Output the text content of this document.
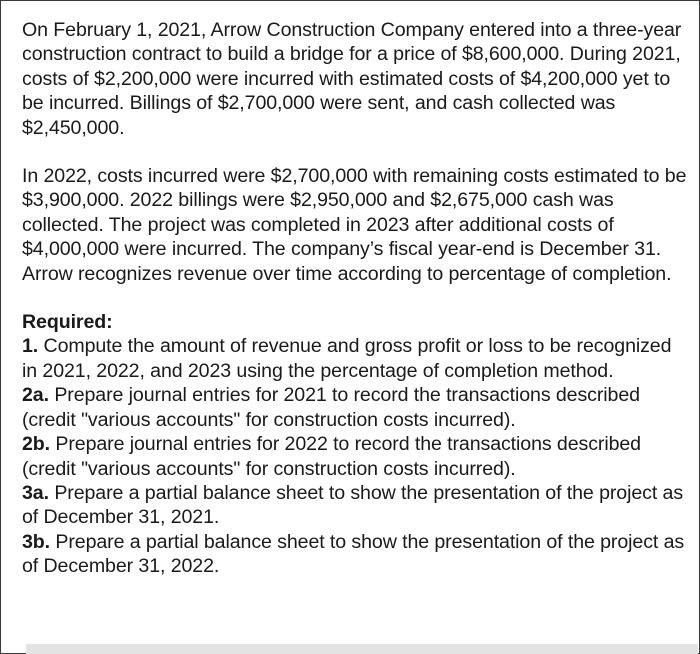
On February 1, 2021, Arrow Construction Company entered into a three-year construction contract to build a bridge for a price of $8,600,000. During 2021, costs of $2,200,000 were incurred with estimated costs of $4,200,000 yet to be incurred. Billings of $2,700,000 were sent, and cash collected was $2,450,000.

In 2022, costs incurred were $2,700,000 with remaining costs estimated to be $3,900,000. 2022 billings were $2,950,000 and $2,675,000 cash was collected. The project was completed in 2023 after additional costs of $4,000,000 were incurred. The company’s fiscal year-end is December 31. Arrow recognizes revenue over time according to percentage of completion.

Required:
1. Compute the amount of revenue and gross profit or loss to be recognized in 2021, 2022, and 2023 using the percentage of completion method.
2a. Prepare journal entries for 2021 to record the transactions described (credit "various accounts" for construction costs incurred).
2b. Prepare journal entries for 2022 to record the transactions described (credit "various accounts" for construction costs incurred).
3a. Prepare a partial balance sheet to show the presentation of the project as of December 31, 2021.
3b. Prepare a partial balance sheet to show the presentation of the project as of December 31, 2022.
